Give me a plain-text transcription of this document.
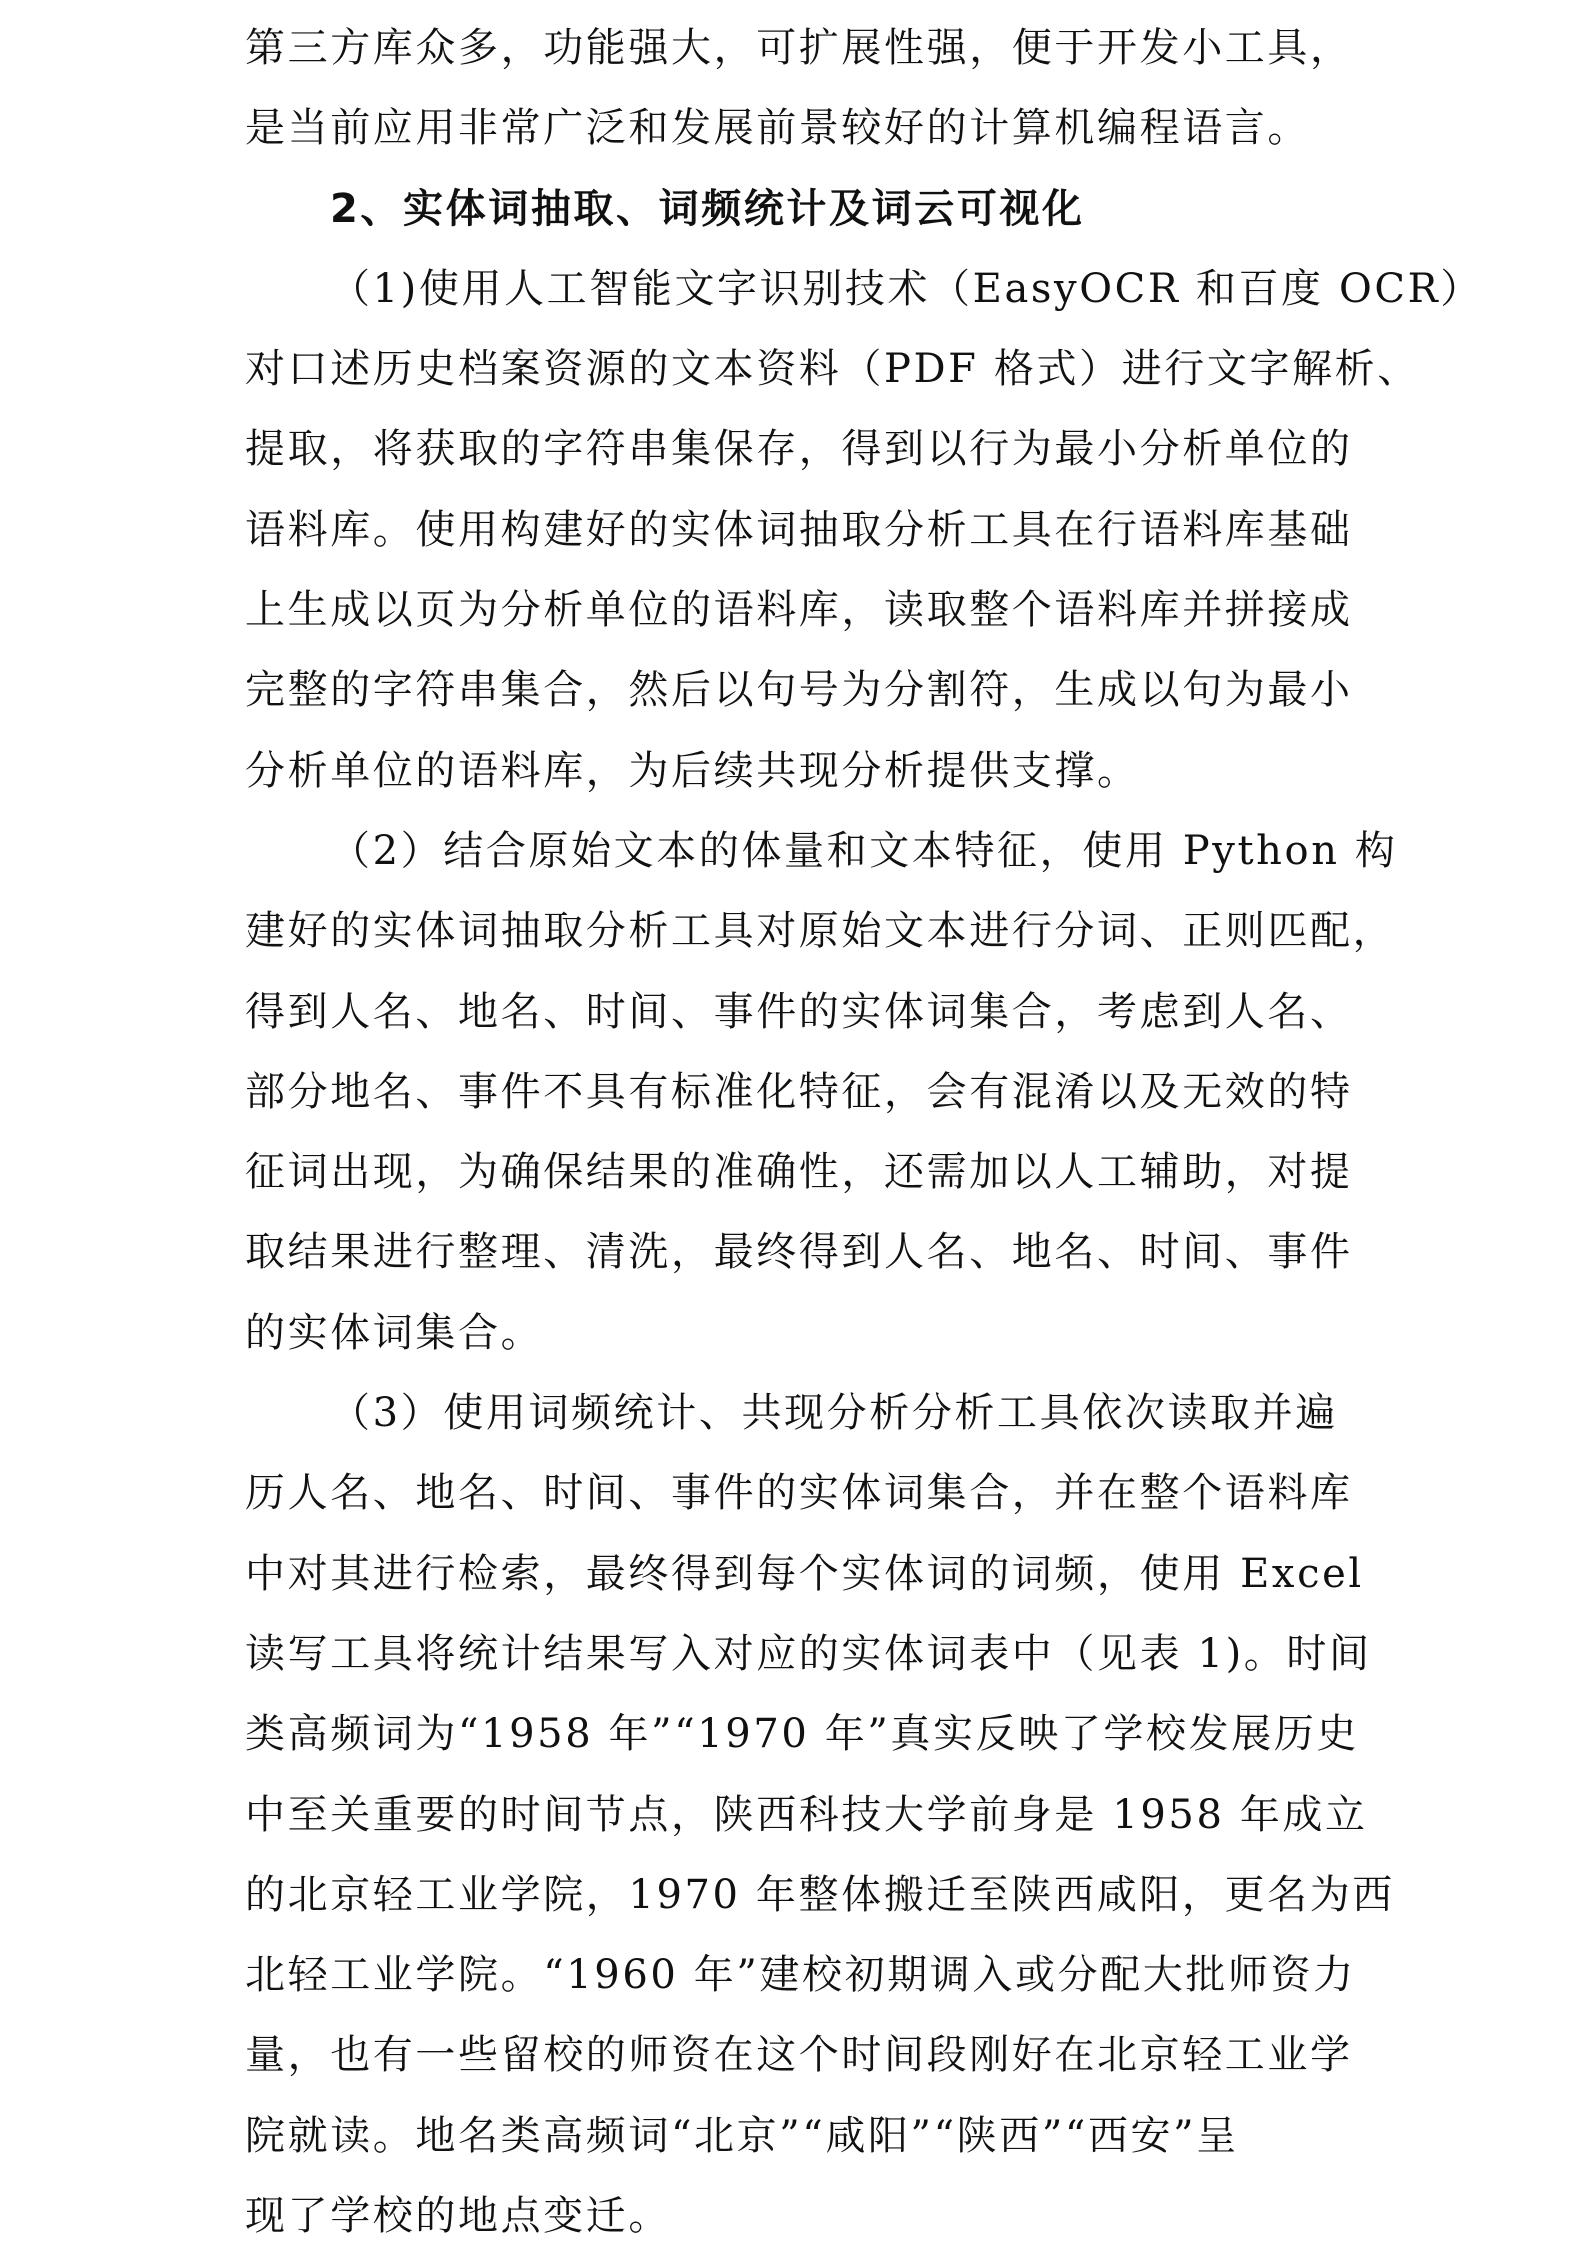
第三方库众多，功能强大，可扩展性强，便于开发小工具，
是当前应用非常广泛和发展前景较好的计算机编程语言。
2、实体词抽取、词频统计及词云可视化
（1)使用人工智能文字识别技术（EasyOCR 和百度 OCR）
对口述历史档案资源的文本资料（PDF 格式）进行文字解析、
提取，将获取的字符串集保存，得到以行为最小分析单位的
语料库。使用构建好的实体词抽取分析工具在行语料库基础
上生成以页为分析单位的语料库，读取整个语料库并拼接成
完整的字符串集合，然后以句号为分割符，生成以句为最小
分析单位的语料库，为后续共现分析提供支撑。
（2）结合原始文本的体量和文本特征，使用 Python 构
建好的实体词抽取分析工具对原始文本进行分词、正则匹配，
得到人名、地名、时间、事件的实体词集合，考虑到人名、
部分地名、事件不具有标准化特征，会有混淆以及无效的特
征词出现，为确保结果的准确性，还需加以人工辅助，对提
取结果进行整理、清洗，最终得到人名、地名、时间、事件
的实体词集合。
（3）使用词频统计、共现分析分析工具依次读取并遍
历人名、地名、时间、事件的实体词集合，并在整个语料库
中对其进行检索，最终得到每个实体词的词频，使用 Excel
读写工具将统计结果写入对应的实体词表中（见表 1)。时间
类高频词为“1958 年”“1970 年”真实反映了学校发展历史
中至关重要的时间节点，陕西科技大学前身是 1958 年成立
的北京轻工业学院，1970 年整体搬迁至陕西咸阳，更名为西
北轻工业学院。“1960 年”建校初期调入或分配大批师资力
量，也有一些留校的师资在这个时间段刚好在北京轻工业学
院就读。地名类高频词“北京”“咸阳”“陕西”“西安”呈
现了学校的地点变迁。
